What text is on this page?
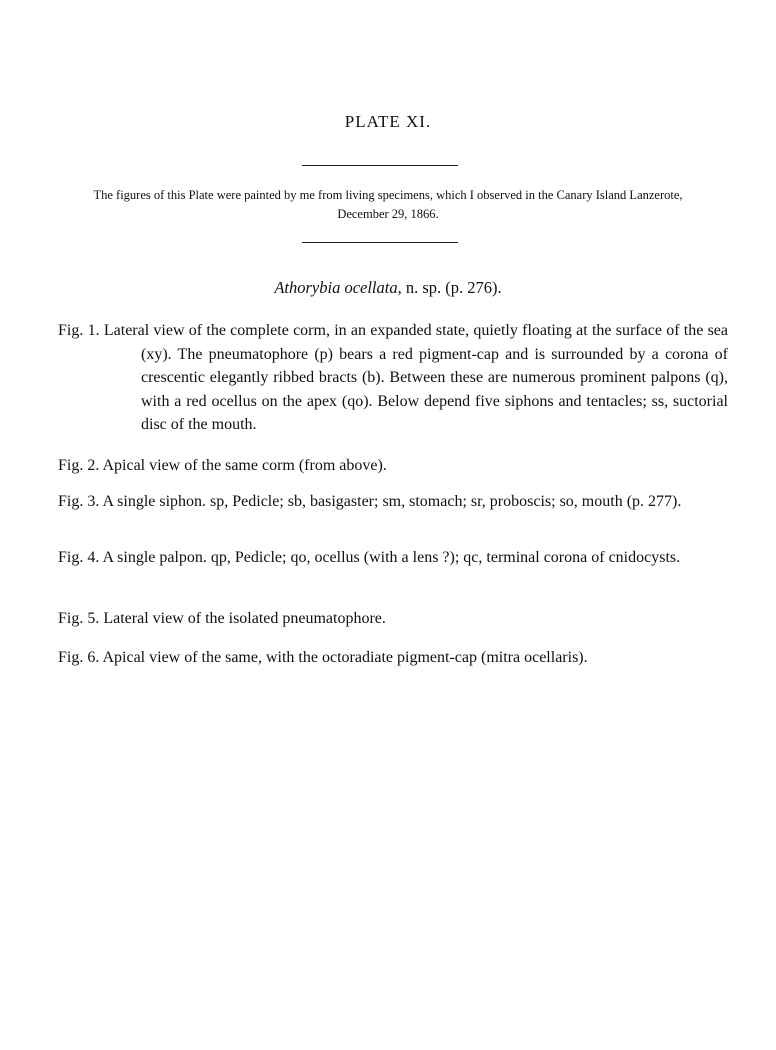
PLATE XI.
The figures of this Plate were painted by me from living specimens, which I observed in the Canary Island Lanzerote, December 29, 1866.
Athorybia ocellata, n. sp. (p. 276).
Fig. 1. Lateral view of the complete corm, in an expanded state, quietly floating at the surface of the sea (xy). The pneumatophore (p) bears a red pigment-cap and is surrounded by a corona of crescentic elegantly ribbed bracts (b). Between these are numerous prominent palpons (q), with a red ocellus on the apex (qo). Below depend five siphons and tentacles; ss, suctorial disc of the mouth.
Fig. 2. Apical view of the same corm (from above).
Fig. 3. A single siphon. sp, Pedicle; sb, basigaster; sm, stomach; sr, proboscis; so, mouth (p. 277).
Fig. 4. A single palpon. qp, Pedicle; qo, ocellus (with a lens ?); qc, terminal corona of cnidocysts.
Fig. 5. Lateral view of the isolated pneumatophore.
Fig. 6. Apical view of the same, with the octoradiate pigment-cap (mitra ocellaris).
